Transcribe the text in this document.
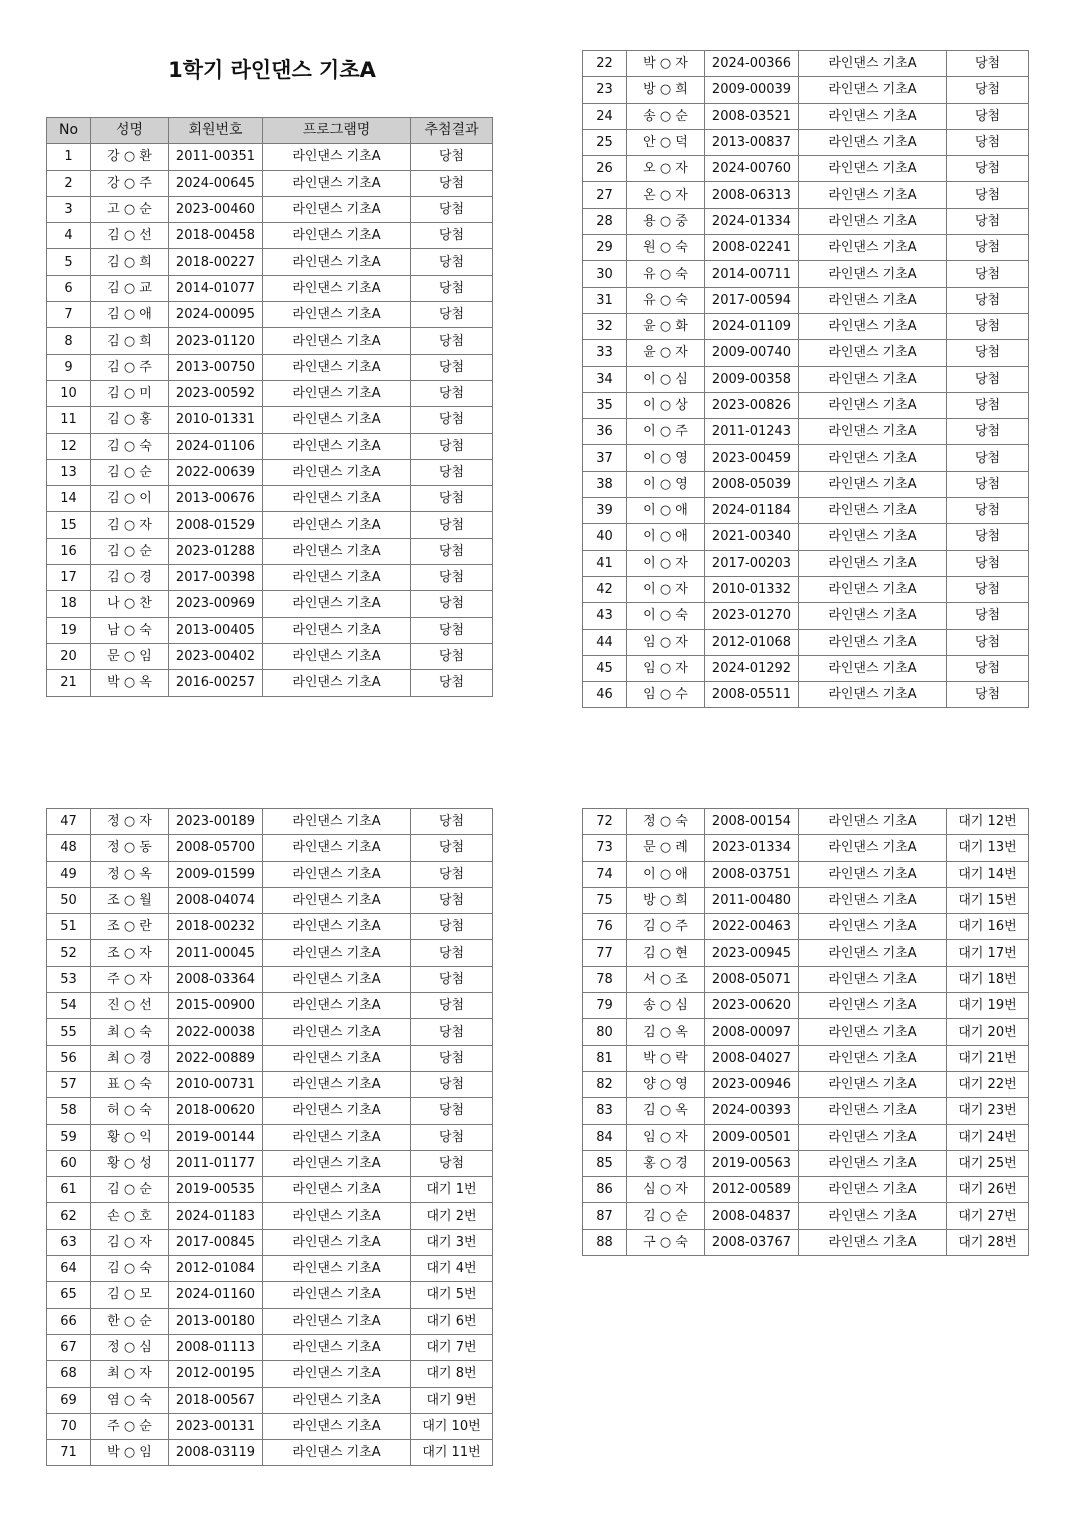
1학기 라인댄스 기초A
No	성명	회원번호	프로그램명	추첨결과
1	강 ○ 환	2011-00351	라인댄스 기초A	당첨
2	강 ○ 주	2024-00645	라인댄스 기초A	당첨
3	고 ○ 순	2023-00460	라인댄스 기초A	당첨
4	김 ○ 선	2018-00458	라인댄스 기초A	당첨
5	김 ○ 희	2018-00227	라인댄스 기초A	당첨
6	김 ○ 교	2014-01077	라인댄스 기초A	당첨
7	김 ○ 애	2024-00095	라인댄스 기초A	당첨
8	김 ○ 희	2023-01120	라인댄스 기초A	당첨
9	김 ○ 주	2013-00750	라인댄스 기초A	당첨
10	김 ○ 미	2023-00592	라인댄스 기초A	당첨
11	김 ○ 홍	2010-01331	라인댄스 기초A	당첨
12	김 ○ 숙	2024-01106	라인댄스 기초A	당첨
13	김 ○ 순	2022-00639	라인댄스 기초A	당첨
14	김 ○ 이	2013-00676	라인댄스 기초A	당첨
15	김 ○ 자	2008-01529	라인댄스 기초A	당첨
16	김 ○ 순	2023-01288	라인댄스 기초A	당첨
17	김 ○ 경	2017-00398	라인댄스 기초A	당첨
18	나 ○ 찬	2023-00969	라인댄스 기초A	당첨
19	남 ○ 숙	2013-00405	라인댄스 기초A	당첨
20	문 ○ 임	2023-00402	라인댄스 기초A	당첨
21	박 ○ 옥	2016-00257	라인댄스 기초A	당첨
22	박 ○ 자	2024-00366	라인댄스 기초A	당첨
23	방 ○ 희	2009-00039	라인댄스 기초A	당첨
24	송 ○ 순	2008-03521	라인댄스 기초A	당첨
25	안 ○ 덕	2013-00837	라인댄스 기초A	당첨
26	오 ○ 자	2024-00760	라인댄스 기초A	당첨
27	온 ○ 자	2008-06313	라인댄스 기초A	당첨
28	용 ○ 중	2024-01334	라인댄스 기초A	당첨
29	원 ○ 숙	2008-02241	라인댄스 기초A	당첨
30	유 ○ 숙	2014-00711	라인댄스 기초A	당첨
31	유 ○ 숙	2017-00594	라인댄스 기초A	당첨
32	윤 ○ 화	2024-01109	라인댄스 기초A	당첨
33	윤 ○ 자	2009-00740	라인댄스 기초A	당첨
34	이 ○ 심	2009-00358	라인댄스 기초A	당첨
35	이 ○ 상	2023-00826	라인댄스 기초A	당첨
36	이 ○ 주	2011-01243	라인댄스 기초A	당첨
37	이 ○ 영	2023-00459	라인댄스 기초A	당첨
38	이 ○ 영	2008-05039	라인댄스 기초A	당첨
39	이 ○ 애	2024-01184	라인댄스 기초A	당첨
40	이 ○ 애	2021-00340	라인댄스 기초A	당첨
41	이 ○ 자	2017-00203	라인댄스 기초A	당첨
42	이 ○ 자	2010-01332	라인댄스 기초A	당첨
43	이 ○ 숙	2023-01270	라인댄스 기초A	당첨
44	임 ○ 자	2012-01068	라인댄스 기초A	당첨
45	임 ○ 자	2024-01292	라인댄스 기초A	당첨
46	임 ○ 수	2008-05511	라인댄스 기초A	당첨
47	정 ○ 자	2023-00189	라인댄스 기초A	당첨
48	정 ○ 동	2008-05700	라인댄스 기초A	당첨
49	정 ○ 옥	2009-01599	라인댄스 기초A	당첨
50	조 ○ 월	2008-04074	라인댄스 기초A	당첨
51	조 ○ 란	2018-00232	라인댄스 기초A	당첨
52	조 ○ 자	2011-00045	라인댄스 기초A	당첨
53	주 ○ 자	2008-03364	라인댄스 기초A	당첨
54	진 ○ 선	2015-00900	라인댄스 기초A	당첨
55	최 ○ 숙	2022-00038	라인댄스 기초A	당첨
56	최 ○ 경	2022-00889	라인댄스 기초A	당첨
57	표 ○ 숙	2010-00731	라인댄스 기초A	당첨
58	허 ○ 숙	2018-00620	라인댄스 기초A	당첨
59	황 ○ 익	2019-00144	라인댄스 기초A	당첨
60	황 ○ 성	2011-01177	라인댄스 기초A	당첨
61	김 ○ 순	2019-00535	라인댄스 기초A	대기 1번
62	손 ○ 호	2024-01183	라인댄스 기초A	대기 2번
63	김 ○ 자	2017-00845	라인댄스 기초A	대기 3번
64	김 ○ 숙	2012-01084	라인댄스 기초A	대기 4번
65	김 ○ 모	2024-01160	라인댄스 기초A	대기 5번
66	한 ○ 순	2013-00180	라인댄스 기초A	대기 6번
67	정 ○ 심	2008-01113	라인댄스 기초A	대기 7번
68	최 ○ 자	2012-00195	라인댄스 기초A	대기 8번
69	염 ○ 숙	2018-00567	라인댄스 기초A	대기 9번
70	주 ○ 순	2023-00131	라인댄스 기초A	대기 10번
71	박 ○ 임	2008-03119	라인댄스 기초A	대기 11번
72	정 ○ 숙	2008-00154	라인댄스 기초A	대기 12번
73	문 ○ 례	2023-01334	라인댄스 기초A	대기 13번
74	이 ○ 애	2008-03751	라인댄스 기초A	대기 14번
75	방 ○ 희	2011-00480	라인댄스 기초A	대기 15번
76	김 ○ 주	2022-00463	라인댄스 기초A	대기 16번
77	김 ○ 현	2023-00945	라인댄스 기초A	대기 17번
78	서 ○ 조	2008-05071	라인댄스 기초A	대기 18번
79	송 ○ 심	2023-00620	라인댄스 기초A	대기 19번
80	김 ○ 옥	2008-00097	라인댄스 기초A	대기 20번
81	박 ○ 락	2008-04027	라인댄스 기초A	대기 21번
82	양 ○ 영	2023-00946	라인댄스 기초A	대기 22번
83	김 ○ 옥	2024-00393	라인댄스 기초A	대기 23번
84	임 ○ 자	2009-00501	라인댄스 기초A	대기 24번
85	홍 ○ 경	2019-00563	라인댄스 기초A	대기 25번
86	심 ○ 자	2012-00589	라인댄스 기초A	대기 26번
87	김 ○ 순	2008-04837	라인댄스 기초A	대기 27번
88	구 ○ 숙	2008-03767	라인댄스 기초A	대기 28번
